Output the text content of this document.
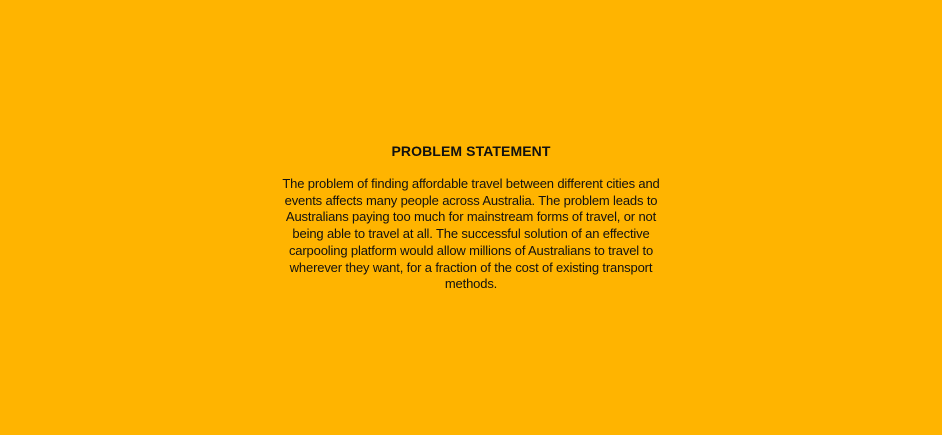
PROBLEM STATEMENT

The problem of finding affordable travel between different cities and events affects many people across Australia. The problem leads to Australians paying too much for mainstream forms of travel, or not being able to travel at all. The successful solution of an effective carpooling platform would allow millions of Australians to travel to wherever they want, for a fraction of the cost of existing transport methods.
